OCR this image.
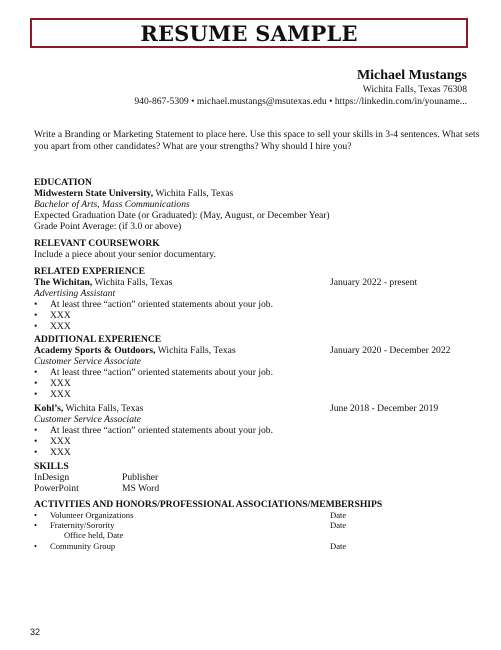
RESUME SAMPLE
Michael Mustangs
Wichita Falls, Texas 76308
940-867-5309 • michael.mustangs@msutexas.edu • https://linkedin.com/in/youname...
Write a Branding or Marketing Statement to place here. Use this space to sell your skills in 3-4 sentences. What sets
you apart from other candidates? What are your strengths? Why should I hire you?
EDUCATION
Midwestern State University, Wichita Falls, Texas
Bachelor of Arts, Mass Communications
Expected Graduation Date (or Graduated): (May, August, or December Year)
Grade Point Average: (if 3.0 or above)
RELEVANT COURSEWORK
Include a piece about your senior documentary.
RELATED EXPERIENCE
The Wichitan, Wichita Falls, Texas	January 2022 - present
Advertising Assistant
• At least three “action” oriented statements about your job.
• XXX
• XXX
ADDITIONAL EXPERIENCE
Academy Sports & Outdoors, Wichita Falls, Texas	January 2020 - December 2022
Customer Service Associate
• At least three “action” oriented statements about your job.
• XXX
• XXX
Kohl’s, Wichita Falls, Texas	June 2018 - December 2019
Customer Service Associate
• At least three “action” oriented statements about your job.
• XXX
• XXX
SKILLS
InDesign	Publisher
PowerPoint	MS Word
ACTIVITIES AND HONORS/PROFESSIONAL ASSOCIATIONS/MEMBERSHIPS
• Volunteer Organizations	Date
• Fraternity/Sorority	Date
Office held, Date
• Community Group	Date
32
